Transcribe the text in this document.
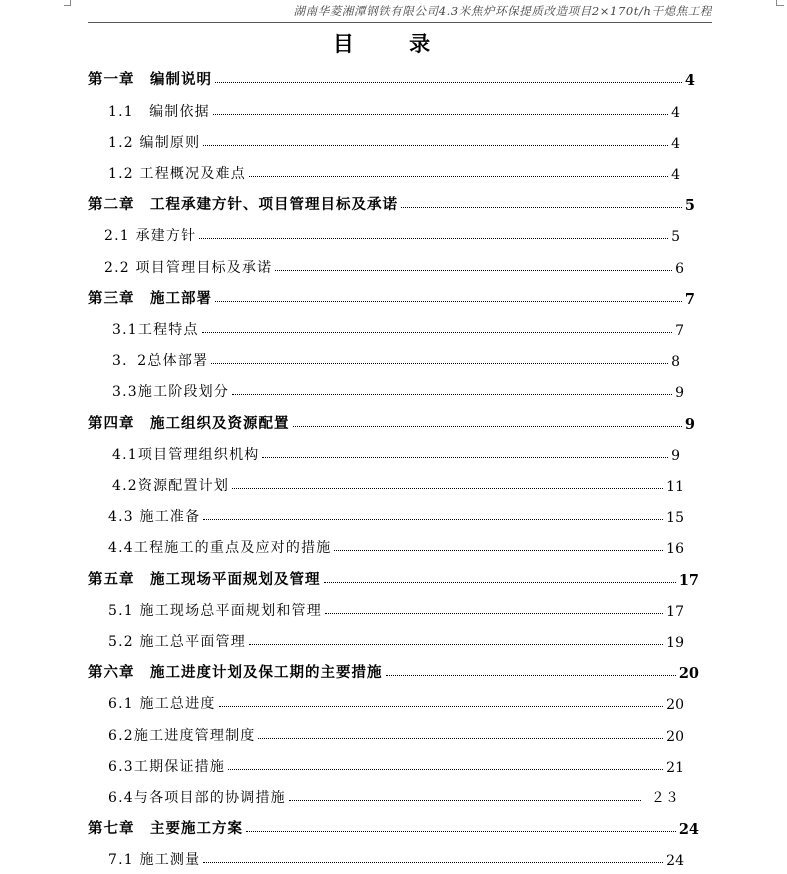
湖南华菱湘潭钢铁有限公司4.3米焦炉环保提质改造项目2×170t/h干熄焦工程
目 录
第一章　编制说明	4
1.1　编制依据	4
1.2 编制原则	4
1.2 工程概况及难点	4
第二章　工程承建方针、项目管理目标及承诺	5
2.1 承建方针	5
2.2 项目管理目标及承诺	6
第三章　施工部署	7
3.1工程特点	7
3．2总体部署	8
3.3施工阶段划分	9
第四章　施工组织及资源配置	9
4.1项目管理组织机构	9
4.2资源配置计划	11
4.3 施工准备	15
4.4工程施工的重点及应对的措施	16
第五章　施工现场平面规划及管理	17
5.1 施工现场总平面规划和管理	17
5.2 施工总平面管理	19
第六章　施工进度计划及保工期的主要措施	20
6.1 施工总进度	20
6.2施工进度管理制度	20
6.3工期保证措施	21
6.4与各项目部的协调措施	２３
第七章　主要施工方案	24
7.1 施工测量	24
